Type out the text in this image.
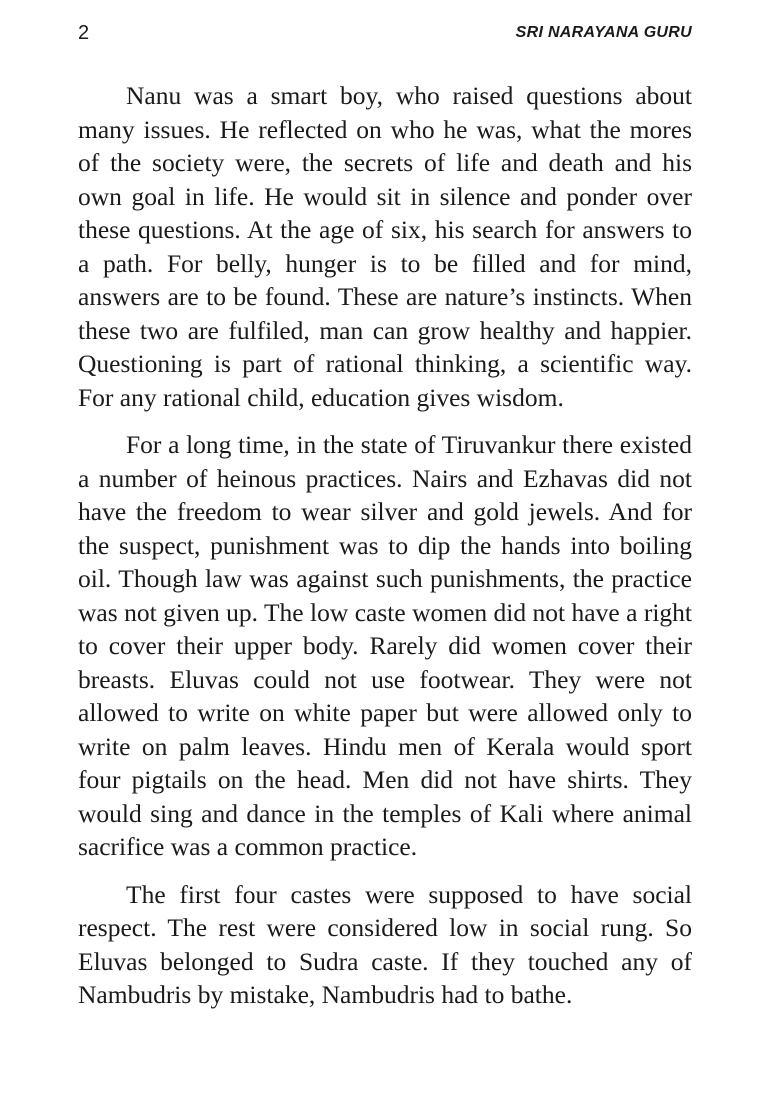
2	SRI NARAYANA GURU

Nanu was a smart boy, who raised questions about many issues. He reflected on who he was, what the mores of the society were, the secrets of life and death and his own goal in life. He would sit in silence and ponder over these questions. At the age of six, his search for answers to a path. For belly, hunger is to be filled and for mind, answers are to be found. These are nature’s instincts. When these two are fulfiled, man can grow healthy and happier. Questioning is part of rational thinking, a scientific way. For any rational child, education gives wisdom.

For a long time, in the state of Tiruvankur there existed a number of heinous practices. Nairs and Ezhavas did not have the freedom to wear silver and gold jewels. And for the suspect, punishment was to dip the hands into boiling oil. Though law was against such punishments, the practice was not given up. The low caste women did not have a right to cover their upper body. Rarely did women cover their breasts. Eluvas could not use footwear. They were not allowed to write on white paper but were allowed only to write on palm leaves. Hindu men of Kerala would sport four pigtails on the head. Men did not have shirts. They would sing and dance in the temples of Kali where animal sacrifice was a common practice.

The first four castes were supposed to have social respect. The rest were considered low in social rung. So Eluvas belonged to Sudra caste. If they touched any of Nambudris by mistake, Nambudris had to bathe.
